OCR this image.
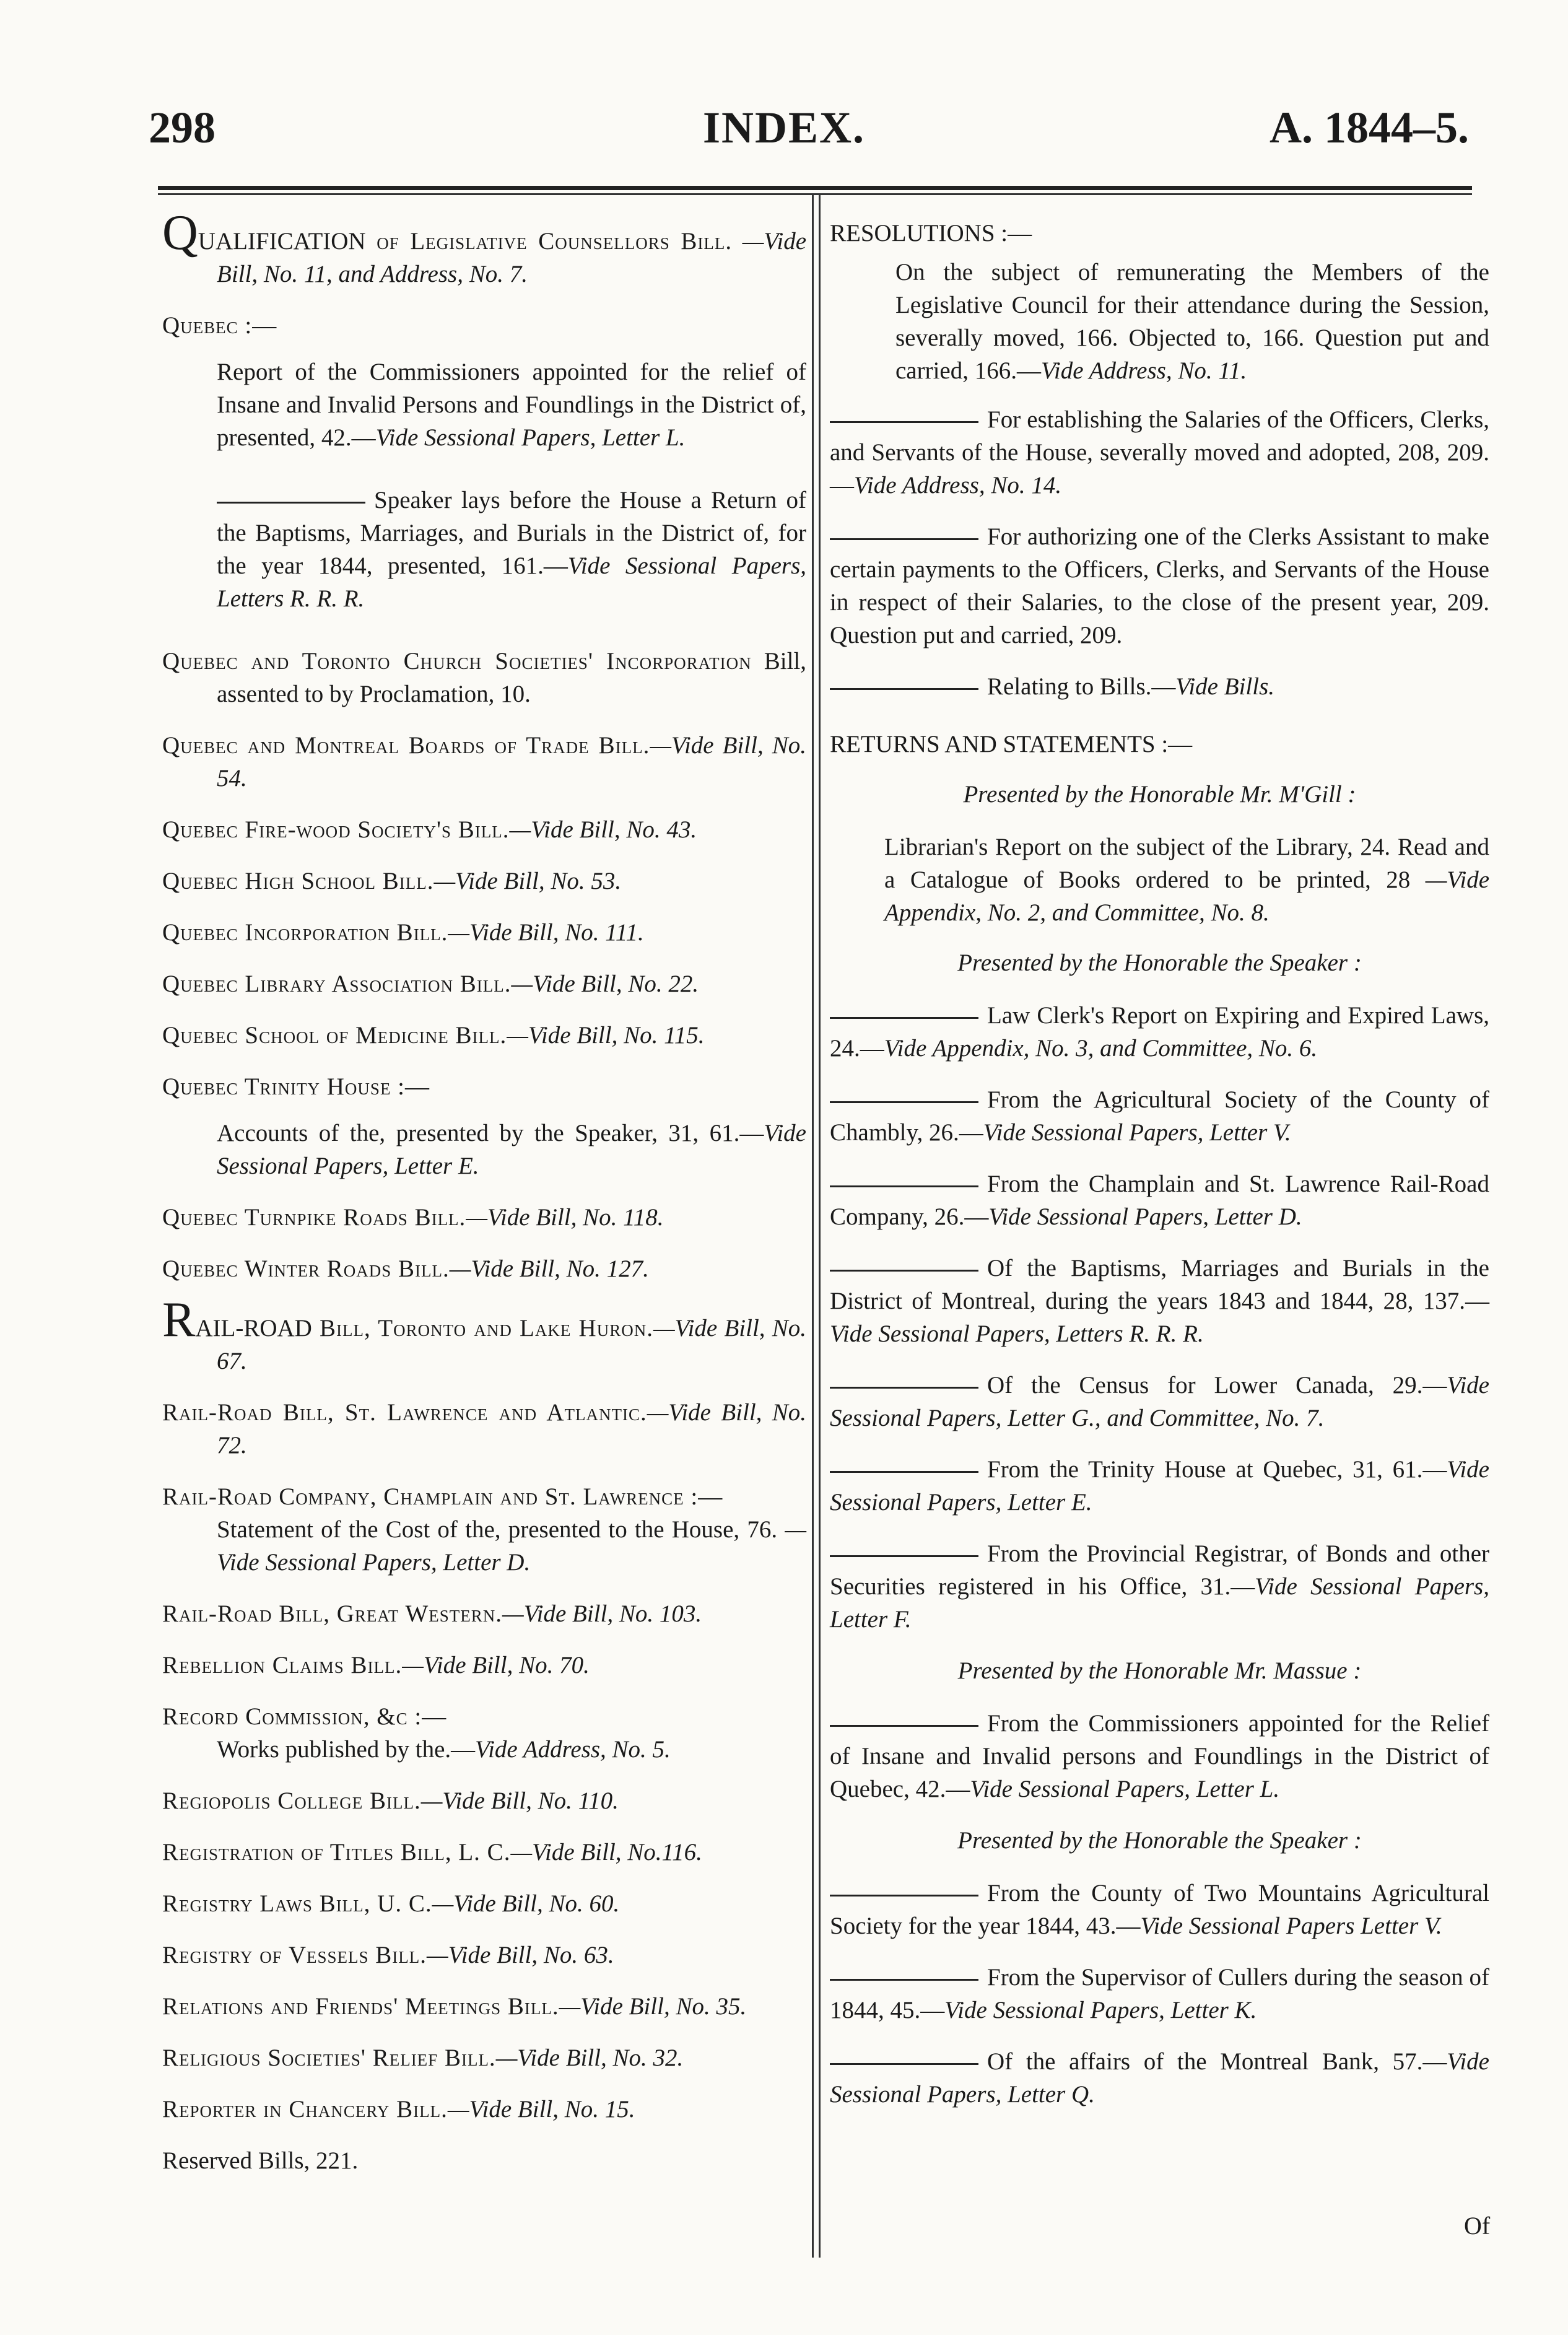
298	INDEX.	A. 1844–5.
QUALIFICATION of Legislative Counsellors Bill. —Vide Bill, No. 11, and Address, No. 7.
Quebec :—
Report of the Commissioners appointed for the relief of Insane and Invalid Persons and Foundlings in the District of, presented, 42.—Vide Sessional Papers, Letter L.
Speaker lays before the House a Return of the Baptisms, Marriages, and Burials in the District of, for the year 1844, presented, 161.—Vide Sessional Papers, Letters R. R. R.
Quebec and Toronto Church Societies' Incorporation Bill, assented to by Proclamation, 10.
Quebec and Montreal Boards of Trade Bill.—Vide Bill, No. 54.
Quebec Fire-wood Society's Bill.—Vide Bill, No. 43.
Quebec High School Bill.—Vide Bill, No. 53.
Quebec Incorporation Bill.—Vide Bill, No. 111.
Quebec Library Association Bill.—Vide Bill, No. 22.
Quebec School of Medicine Bill.—Vide Bill, No. 115.
Quebec Trinity House :—
Accounts of the, presented by the Speaker, 31, 61.—Vide Sessional Papers, Letter E.
Quebec Turnpike Roads Bill.—Vide Bill, No. 118.
Quebec Winter Roads Bill.—Vide Bill, No. 127.
RAIL-ROAD Bill, Toronto and Lake Huron.—Vide Bill, No. 67.
Rail-Road Bill, St. Lawrence and Atlantic.—Vide Bill, No. 72.
Rail-Road Company, Champlain and St. Lawrence :—
Statement of the Cost of the, presented to the House, 76. —Vide Sessional Papers, Letter D.
Rail-Road Bill, Great Western.—Vide Bill, No. 103.
Rebellion Claims Bill.—Vide Bill, No. 70.
Record Commission, &c :—
Works published by the.—Vide Address, No. 5.
Regiopolis College Bill.—Vide Bill, No. 110.
Registration of Titles Bill, L. C.—Vide Bill, No.116.
Registry Laws Bill, U. C.—Vide Bill, No. 60.
Registry of Vessels Bill.—Vide Bill, No. 63.
Relations and Friends' Meetings Bill.—Vide Bill, No. 35.
Religious Societies' Relief Bill.—Vide Bill, No. 32.
Reporter in Chancery Bill.—Vide Bill, No. 15.
Reserved Bills, 221.
RESOLUTIONS :—
On the subject of remunerating the Members of the Legislative Council for their attendance during the Session, severally moved, 166. Objected to, 166. Question put and carried, 166.—Vide Address, No. 11.
For establishing the Salaries of the Officers, Clerks, and Servants of the House, severally moved and adopted, 208, 209.—Vide Address, No. 14.
For authorizing one of the Clerks Assistant to make certain payments to the Officers, Clerks, and Servants of the House in respect of their Salaries, to the close of the present year, 209. Question put and carried, 209.
Relating to Bills.—Vide Bills.
RETURNS AND STATEMENTS :—
Presented by the Honorable Mr. M'Gill :
Librarian's Report on the subject of the Library, 24. Read and a Catalogue of Books ordered to be printed, 28 —Vide Appendix, No. 2, and Committee, No. 8.
Presented by the Honorable the Speaker :
Law Clerk's Report on Expiring and Expired Laws, 24.—Vide Appendix, No. 3, and Committee, No. 6.
From the Agricultural Society of the County of Chambly, 26.—Vide Sessional Papers, Letter V.
From the Champlain and St. Lawrence Rail-Road Company, 26.—Vide Sessional Papers, Letter D.
Of the Baptisms, Marriages and Burials in the District of Montreal, during the years 1843 and 1844, 28, 137.—Vide Sessional Papers, Letters R. R. R.
Of the Census for Lower Canada, 29.—Vide Sessional Papers, Letter G., and Committee, No. 7.
From the Trinity House at Quebec, 31, 61.—Vide Sessional Papers, Letter E.
From the Provincial Registrar, of Bonds and other Securities registered in his Office, 31.—Vide Sessional Papers, Letter F.
Presented by the Honorable Mr. Massue :
From the Commissioners appointed for the Relief of Insane and Invalid persons and Foundlings in the District of Quebec, 42.—Vide Sessional Papers, Letter L.
Presented by the Honorable the Speaker :
From the County of Two Mountains Agricultural Society for the year 1844, 43.—Vide Sessional Papers Letter V.
From the Supervisor of Cullers during the season of 1844, 45.—Vide Sessional Papers, Letter K.
Of the affairs of the Montreal Bank, 57.—Vide Sessional Papers, Letter Q.
Of
